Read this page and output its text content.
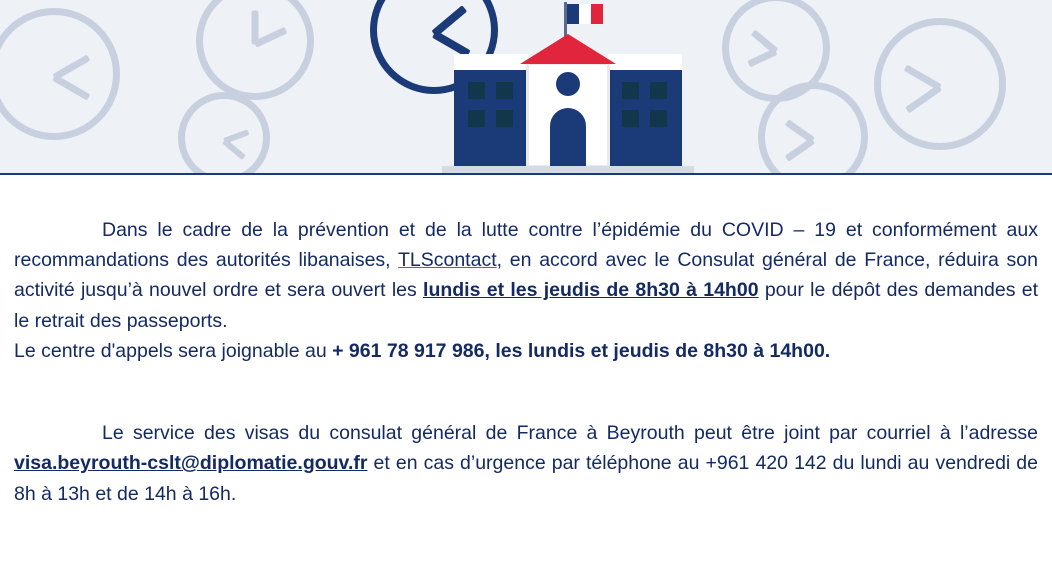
Dans le cadre de la prévention et de la lutte contre l’épidémie du COVID – 19 et conformément aux recommandations des autorités libanaises, TLScontact, en accord avec le Consulat général de France, réduira son activité jusqu’à nouvel ordre et sera ouvert les lundis et les jeudis de 8h30 à 14h00 pour le dépôt des demandes et le retrait des passeports.

Le centre d'appels sera joignable au + 961 78 917 986, les lundis et jeudis de 8h30 à 14h00.

Le service des visas du consulat général de France à Beyrouth peut être joint par courriel à l’adresse visa.beyrouth-cslt@diplomatie.gouv.fr et en cas d’urgence par téléphone au +961 420 142 du lundi au vendredi de 8h à 13h et de 14h à 16h.
